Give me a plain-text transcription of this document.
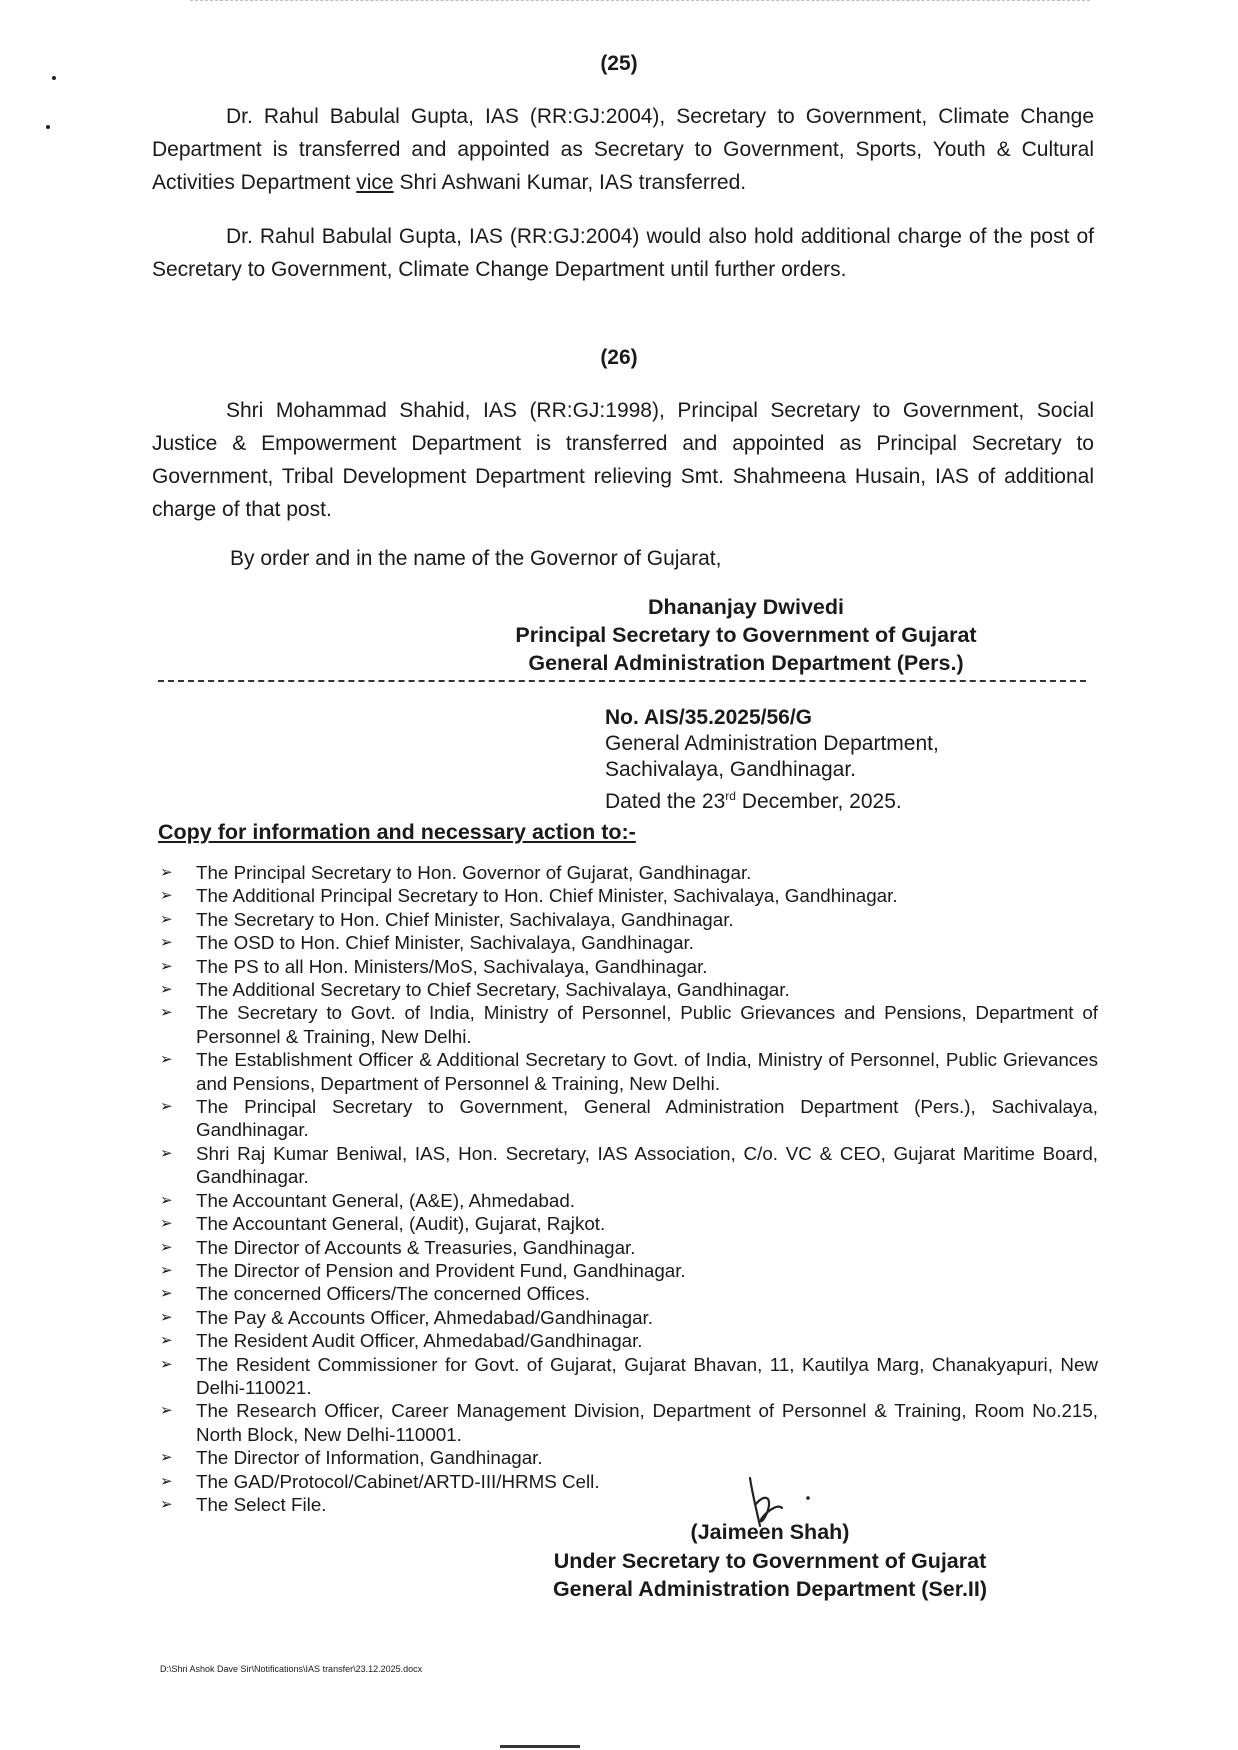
(25)
Dr. Rahul Babulal Gupta, IAS (RR:GJ:2004), Secretary to Government, Climate Change Department is transferred and appointed as Secretary to Government, Sports, Youth & Cultural Activities Department vice Shri Ashwani Kumar, IAS transferred.
Dr. Rahul Babulal Gupta, IAS (RR:GJ:2004) would also hold additional charge of the post of Secretary to Government, Climate Change Department until further orders.
(26)
Shri Mohammad Shahid, IAS (RR:GJ:1998), Principal Secretary to Government, Social Justice & Empowerment Department is transferred and appointed as Principal Secretary to Government, Tribal Development Department relieving Smt. Shahmeena Husain, IAS of additional charge of that post.
By order and in the name of the Governor of Gujarat,
Dhananjay Dwivedi
Principal Secretary to Government of Gujarat
General Administration Department (Pers.)
No. AIS/35.2025/56/G
General Administration Department,
Sachivalaya, Gandhinagar.
Dated the 23rd December, 2025.
Copy for information and necessary action to:-
➢ The Principal Secretary to Hon. Governor of Gujarat, Gandhinagar.
➢ The Additional Principal Secretary to Hon. Chief Minister, Sachivalaya, Gandhinagar.
➢ The Secretary to Hon. Chief Minister, Sachivalaya, Gandhinagar.
➢ The OSD to Hon. Chief Minister, Sachivalaya, Gandhinagar.
➢ The PS to all Hon. Ministers/MoS, Sachivalaya, Gandhinagar.
➢ The Additional Secretary to Chief Secretary, Sachivalaya, Gandhinagar.
➢ The Secretary to Govt. of India, Ministry of Personnel, Public Grievances and Pensions, Department of Personnel & Training, New Delhi.
➢ The Establishment Officer & Additional Secretary to Govt. of India, Ministry of Personnel, Public Grievances and Pensions, Department of Personnel & Training, New Delhi.
➢ The Principal Secretary to Government, General Administration Department (Pers.), Sachivalaya, Gandhinagar.
➢ Shri Raj Kumar Beniwal, IAS, Hon. Secretary, IAS Association, C/o. VC & CEO, Gujarat Maritime Board, Gandhinagar.
➢ The Accountant General, (A&E), Ahmedabad.
➢ The Accountant General, (Audit), Gujarat, Rajkot.
➢ The Director of Accounts & Treasuries, Gandhinagar.
➢ The Director of Pension and Provident Fund, Gandhinagar.
➢ The concerned Officers/The concerned Offices.
➢ The Pay & Accounts Officer, Ahmedabad/Gandhinagar.
➢ The Resident Audit Officer, Ahmedabad/Gandhinagar.
➢ The Resident Commissioner for Govt. of Gujarat, Gujarat Bhavan, 11, Kautilya Marg, Chanakyapuri, New Delhi-110021.
➢ The Research Officer, Career Management Division, Department of Personnel & Training, Room No.215, North Block, New Delhi-110001.
➢ The Director of Information, Gandhinagar.
➢ The GAD/Protocol/Cabinet/ARTD-III/HRMS Cell.
➢ The Select File.
(Jaimeen Shah)
Under Secretary to Government of Gujarat
General Administration Department (Ser.II)
D:\Shri Ashok Dave Sir\Notifications\IAS transfer\23.12.2025.docx
